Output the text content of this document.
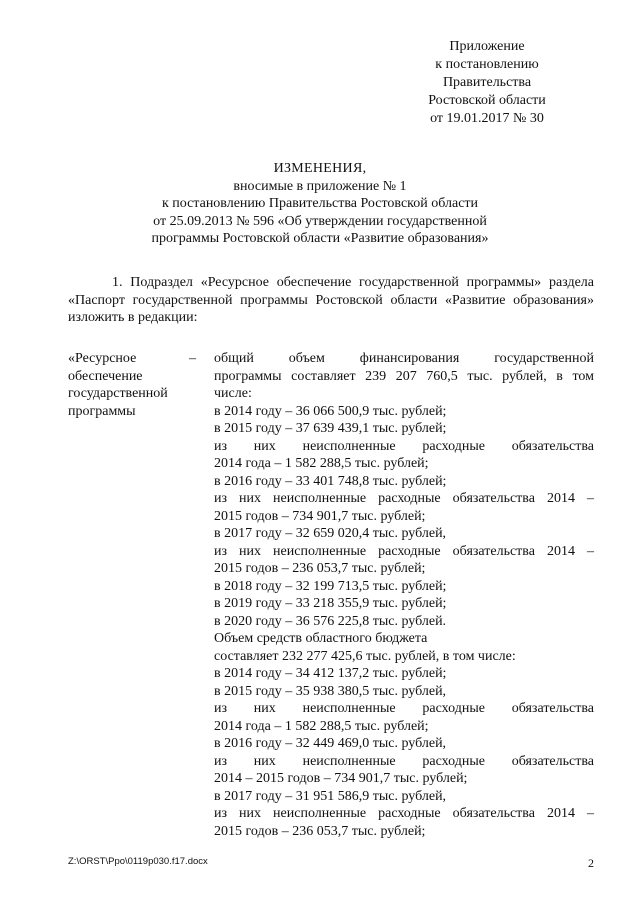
Приложение
к постановлению
Правительства
Ростовской области
от 19.01.2017 № 30
ИЗМЕНЕНИЯ,
вносимые в приложение № 1
к постановлению Правительства Ростовской области
от 25.09.2013 № 596 «Об утверждении государственной
программы Ростовской области «Развитие образования»
1. Подраздел «Ресурсное обеспечение государственной программы» раздела «Паспорт государственной программы Ростовской области «Развитие образования» изложить в редакции:
«Ресурсное	–
обеспечение
государственной
программы
общий объем финансирования государственной
программы составляет 239 207 760,5 тыс. рублей, в том
числе:
в 2014 году – 36 066 500,9 тыс. рублей;
в 2015 году – 37 639 439,1 тыс. рублей;
из них неисполненные расходные обязательства
2014 года – 1 582 288,5 тыс. рублей;
в 2016 году – 33 401 748,8 тыс. рублей;
из них неисполненные расходные обязательства 2014 –
2015 годов – 734 901,7 тыс. рублей;
в 2017 году – 32 659 020,4 тыс. рублей,
из них неисполненные расходные обязательства 2014 –
2015 годов – 236 053,7 тыс. рублей;
в 2018 году – 32 199 713,5 тыс. рублей;
в 2019 году – 33 218 355,9 тыс. рублей;
в 2020 году – 36 576 225,8 тыс. рублей.
Объем средств областного бюджета
составляет 232 277 425,6 тыс. рублей, в том числе:
в 2014 году – 34 412 137,2 тыс. рублей;
в 2015 году – 35 938 380,5 тыс. рублей,
из них неисполненные расходные обязательства
2014 года – 1 582 288,5 тыс. рублей;
в 2016 году – 32 449 469,0 тыс. рублей,
из них неисполненные расходные обязательства
2014 – 2015 годов – 734 901,7 тыс. рублей;
в 2017 году – 31 951 586,9 тыс. рублей,
из них неисполненные расходные обязательства 2014 –
2015 годов – 236 053,7 тыс. рублей;
Z:\ORST\Ppo\0119p030.f17.docx	2
